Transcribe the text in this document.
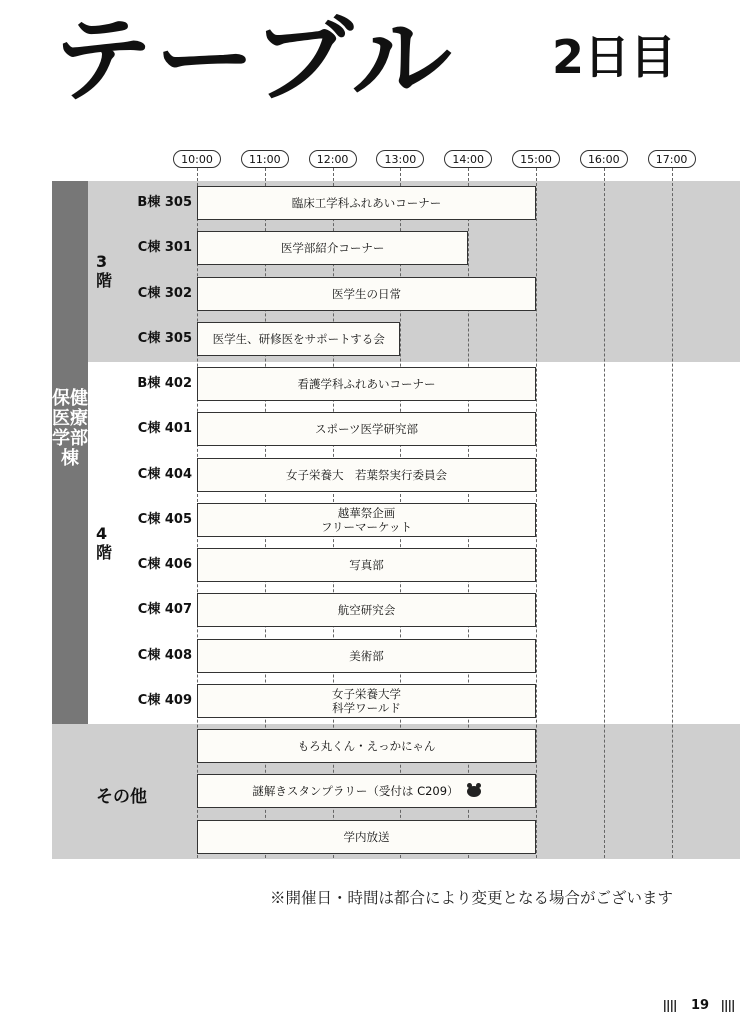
テーブル 2日目
保健医療学部棟
3階
4階
その他
10:00	11:00	12:00	13:00	14:00	15:00	16:00	17:00
B棟 305	臨床工学科ふれあいコーナー
C棟 301	医学部紹介コーナー
C棟 302	医学生の日常
C棟 305 医学生、研修医をサポートする会
B棟 402	看護学科ふれあいコーナー
C棟 401	スポーツ医学研究部
C棟 404	女子栄養大　若葉祭実行委員会
C棟 405	越華祭企画
フリーマーケット
C棟 406	写真部
C棟 407	航空研究会
C棟 408	美術部
C棟 409	女子栄養大学
科学ワールド
もろ丸くん・えっかにゃん
謎解きスタンプラリー（受付は C209）
学内放送
※開催日・時間は都合により変更となる場合がございます
19
